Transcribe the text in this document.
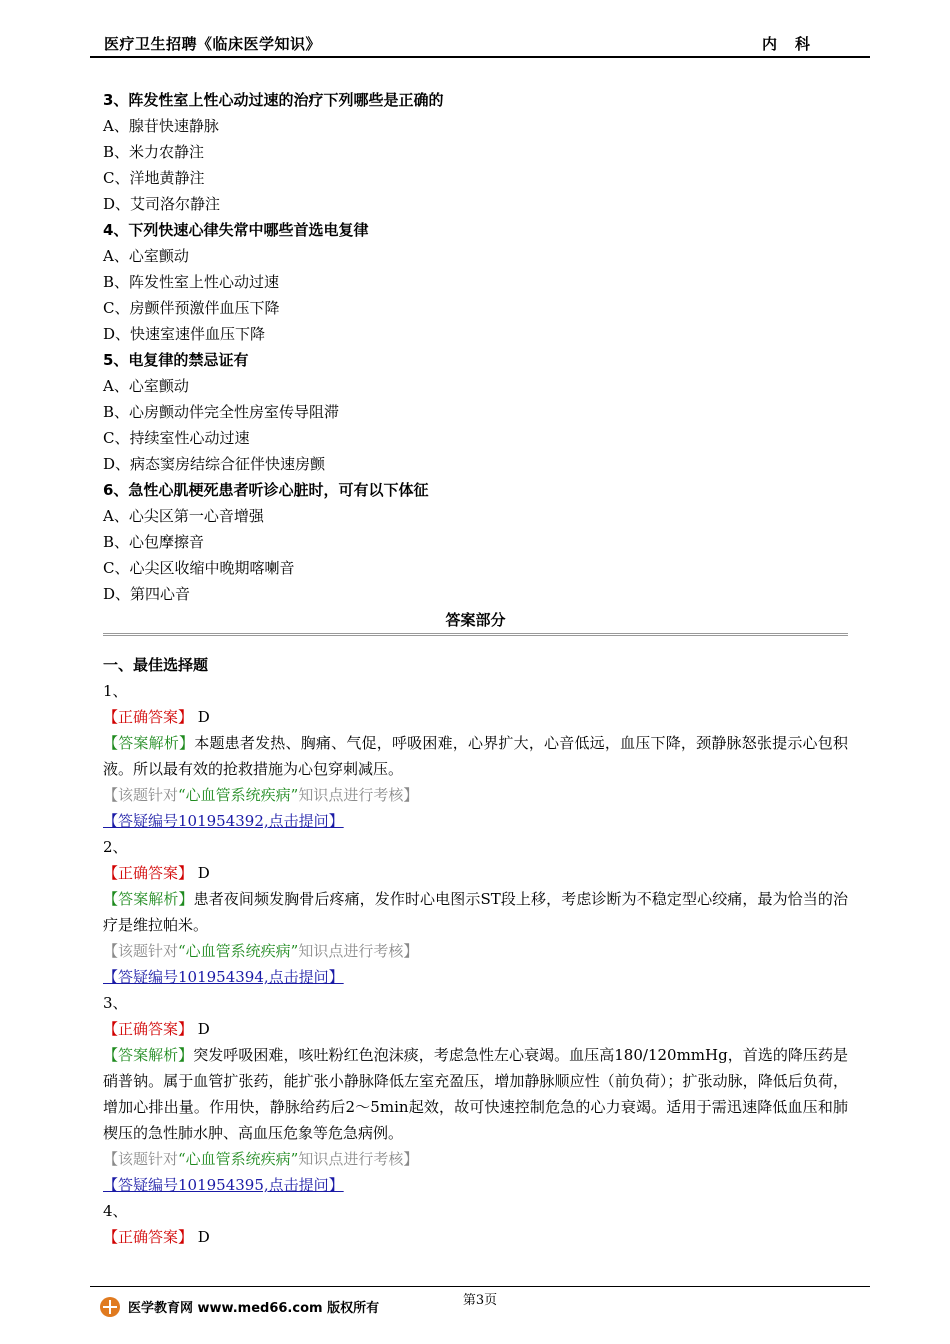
医疗卫生招聘《临床医学知识》	内科
3、阵发性室上性心动过速的治疗下列哪些是正确的
A、腺苷快速静脉
B、米力农静注
C、洋地黄静注
D、艾司洛尔静注
4、下列快速心律失常中哪些首选电复律
A、心室颤动
B、阵发性室上性心动过速
C、房颤伴预激伴血压下降
D、快速室速伴血压下降
5、电复律的禁忌证有
A、心室颤动
B、心房颤动伴完全性房室传导阻滞
C、持续室性心动过速
D、病态窦房结综合征伴快速房颤
6、急性心肌梗死患者听诊心脏时，可有以下体征
A、心尖区第一心音增强
B、心包摩擦音
C、心尖区收缩中晚期喀喇音
D、第四心音
答案部分
一、最佳选择题
1、
【正确答案】 D
【答案解析】本题患者发热、胸痛、气促，呼吸困难，心界扩大，心音低远，血压下降，颈静脉怒张提示心包积液。所以最有效的抢救措施为心包穿刺减压。
【该题针对“心血管系统疾病”知识点进行考核】
【答疑编号101954392,点击提问】
2、
【正确答案】 D
【答案解析】患者夜间频发胸骨后疼痛，发作时心电图示ST段上移，考虑诊断为不稳定型心绞痛，最为恰当的治疗是维拉帕米。
【该题针对“心血管系统疾病”知识点进行考核】
【答疑编号101954394,点击提问】
3、
【正确答案】 D
【答案解析】突发呼吸困难，咳吐粉红色泡沫痰，考虑急性左心衰竭。血压高180/120mmHg，首选的降压药是硝普钠。属于血管扩张药，能扩张小静脉降低左室充盈压，增加静脉顺应性（前负荷）；扩张动脉，降低后负荷，增加心排出量。作用快，静脉给药后2～5min起效，故可快速控制危急的心力衰竭。适用于需迅速降低血压和肺楔压的急性肺水肿、高血压危象等危急病例。
【该题针对“心血管系统疾病”知识点进行考核】
【答疑编号101954395,点击提问】
4、
【正确答案】 D
医学教育网 www.med66.com 版权所有
第3页
